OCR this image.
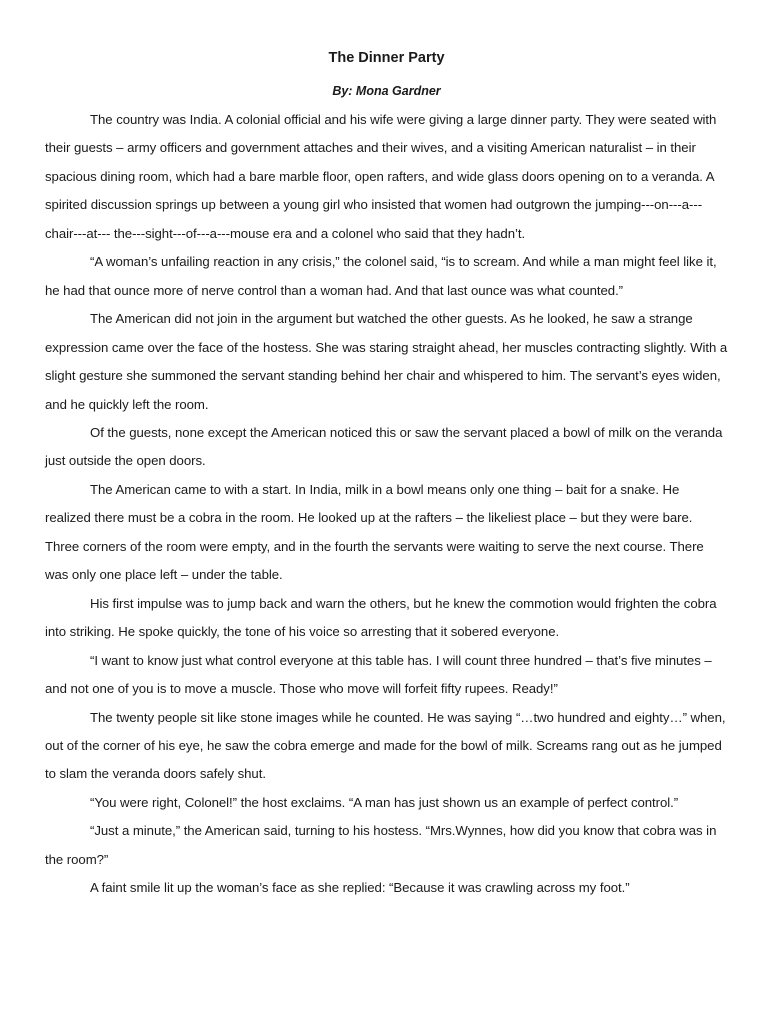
The Dinner Party
By: Mona Gardner

The country was India. A colonial official and his wife were giving a large dinner party. They were seated with their guests – army officers and government attaches and their wives, and a visiting American naturalist – in their spacious dining room, which had a bare marble floor, open rafters, and wide glass doors opening on to a veranda. A spirited discussion springs up between a young girl who insisted that women had outgrown the jumping---on---a---chair---at--- the---sight---of---a---mouse era and a colonel who said that they hadn’t.

“A woman’s unfailing reaction in any crisis,” the colonel said, “is to scream. And while a man might feel like it, he had that ounce more of nerve control than a woman had. And that last ounce was what counted.”

The American did not join in the argument but watched the other guests. As he looked, he saw a strange expression came over the face of the hostess. She was staring straight ahead, her muscles contracting slightly. With a slight gesture she summoned the servant standing behind her chair and whispered to him. The servant’s eyes widen, and he quickly left the room.

Of the guests, none except the American noticed this or saw the servant placed a bowl of milk on the veranda just outside the open doors.

The American came to with a start. In India, milk in a bowl means only one thing – bait for a snake. He realized there must be a cobra in the room. He looked up at the rafters – the likeliest place – but they were bare. Three corners of the room were empty, and in the fourth the servants were waiting to serve the next course. There was only one place left – under the table.

His first impulse was to jump back and warn the others, but he knew the commotion would frighten the cobra into striking. He spoke quickly, the tone of his voice so arresting that it sobered everyone.

“I want to know just what control everyone at this table has. I will count three hundred – that’s five minutes – and not one of you is to move a muscle. Those who move will forfeit fifty rupees. Ready!”

The twenty people sit like stone images while he counted. He was saying “…two hundred and eighty…” when, out of the corner of his eye, he saw the cobra emerge and made for the bowl of milk. Screams rang out as he jumped to slam the veranda doors safely shut.

“You were right, Colonel!” the host exclaims. “A man has just shown us an example of perfect control.”

“Just a minute,” the American said, turning to his hostess. “Mrs.Wynnes, how did you know that cobra was in the room?”

A faint smile lit up the woman’s face as she replied: “Because it was crawling across my foot.”
